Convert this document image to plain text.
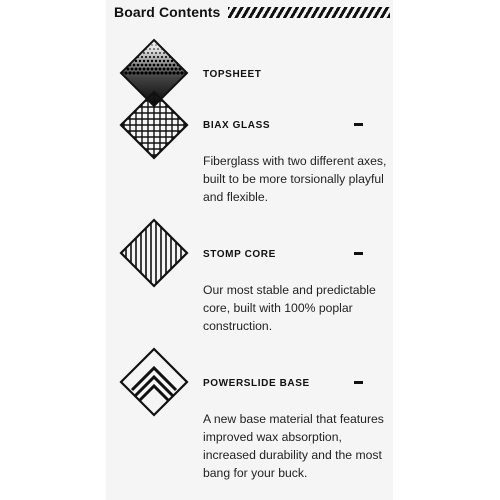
Board Contents
TOPSHEET
BIAX GLASS
Fiberglass with two different axes, built to be more torsionally playful and flexible.
STOMP CORE
Our most stable and predictable core, built with 100% poplar construction.
POWERSLIDE BASE
A new base material that features improved wax absorption, increased durability and the most bang for your buck.
